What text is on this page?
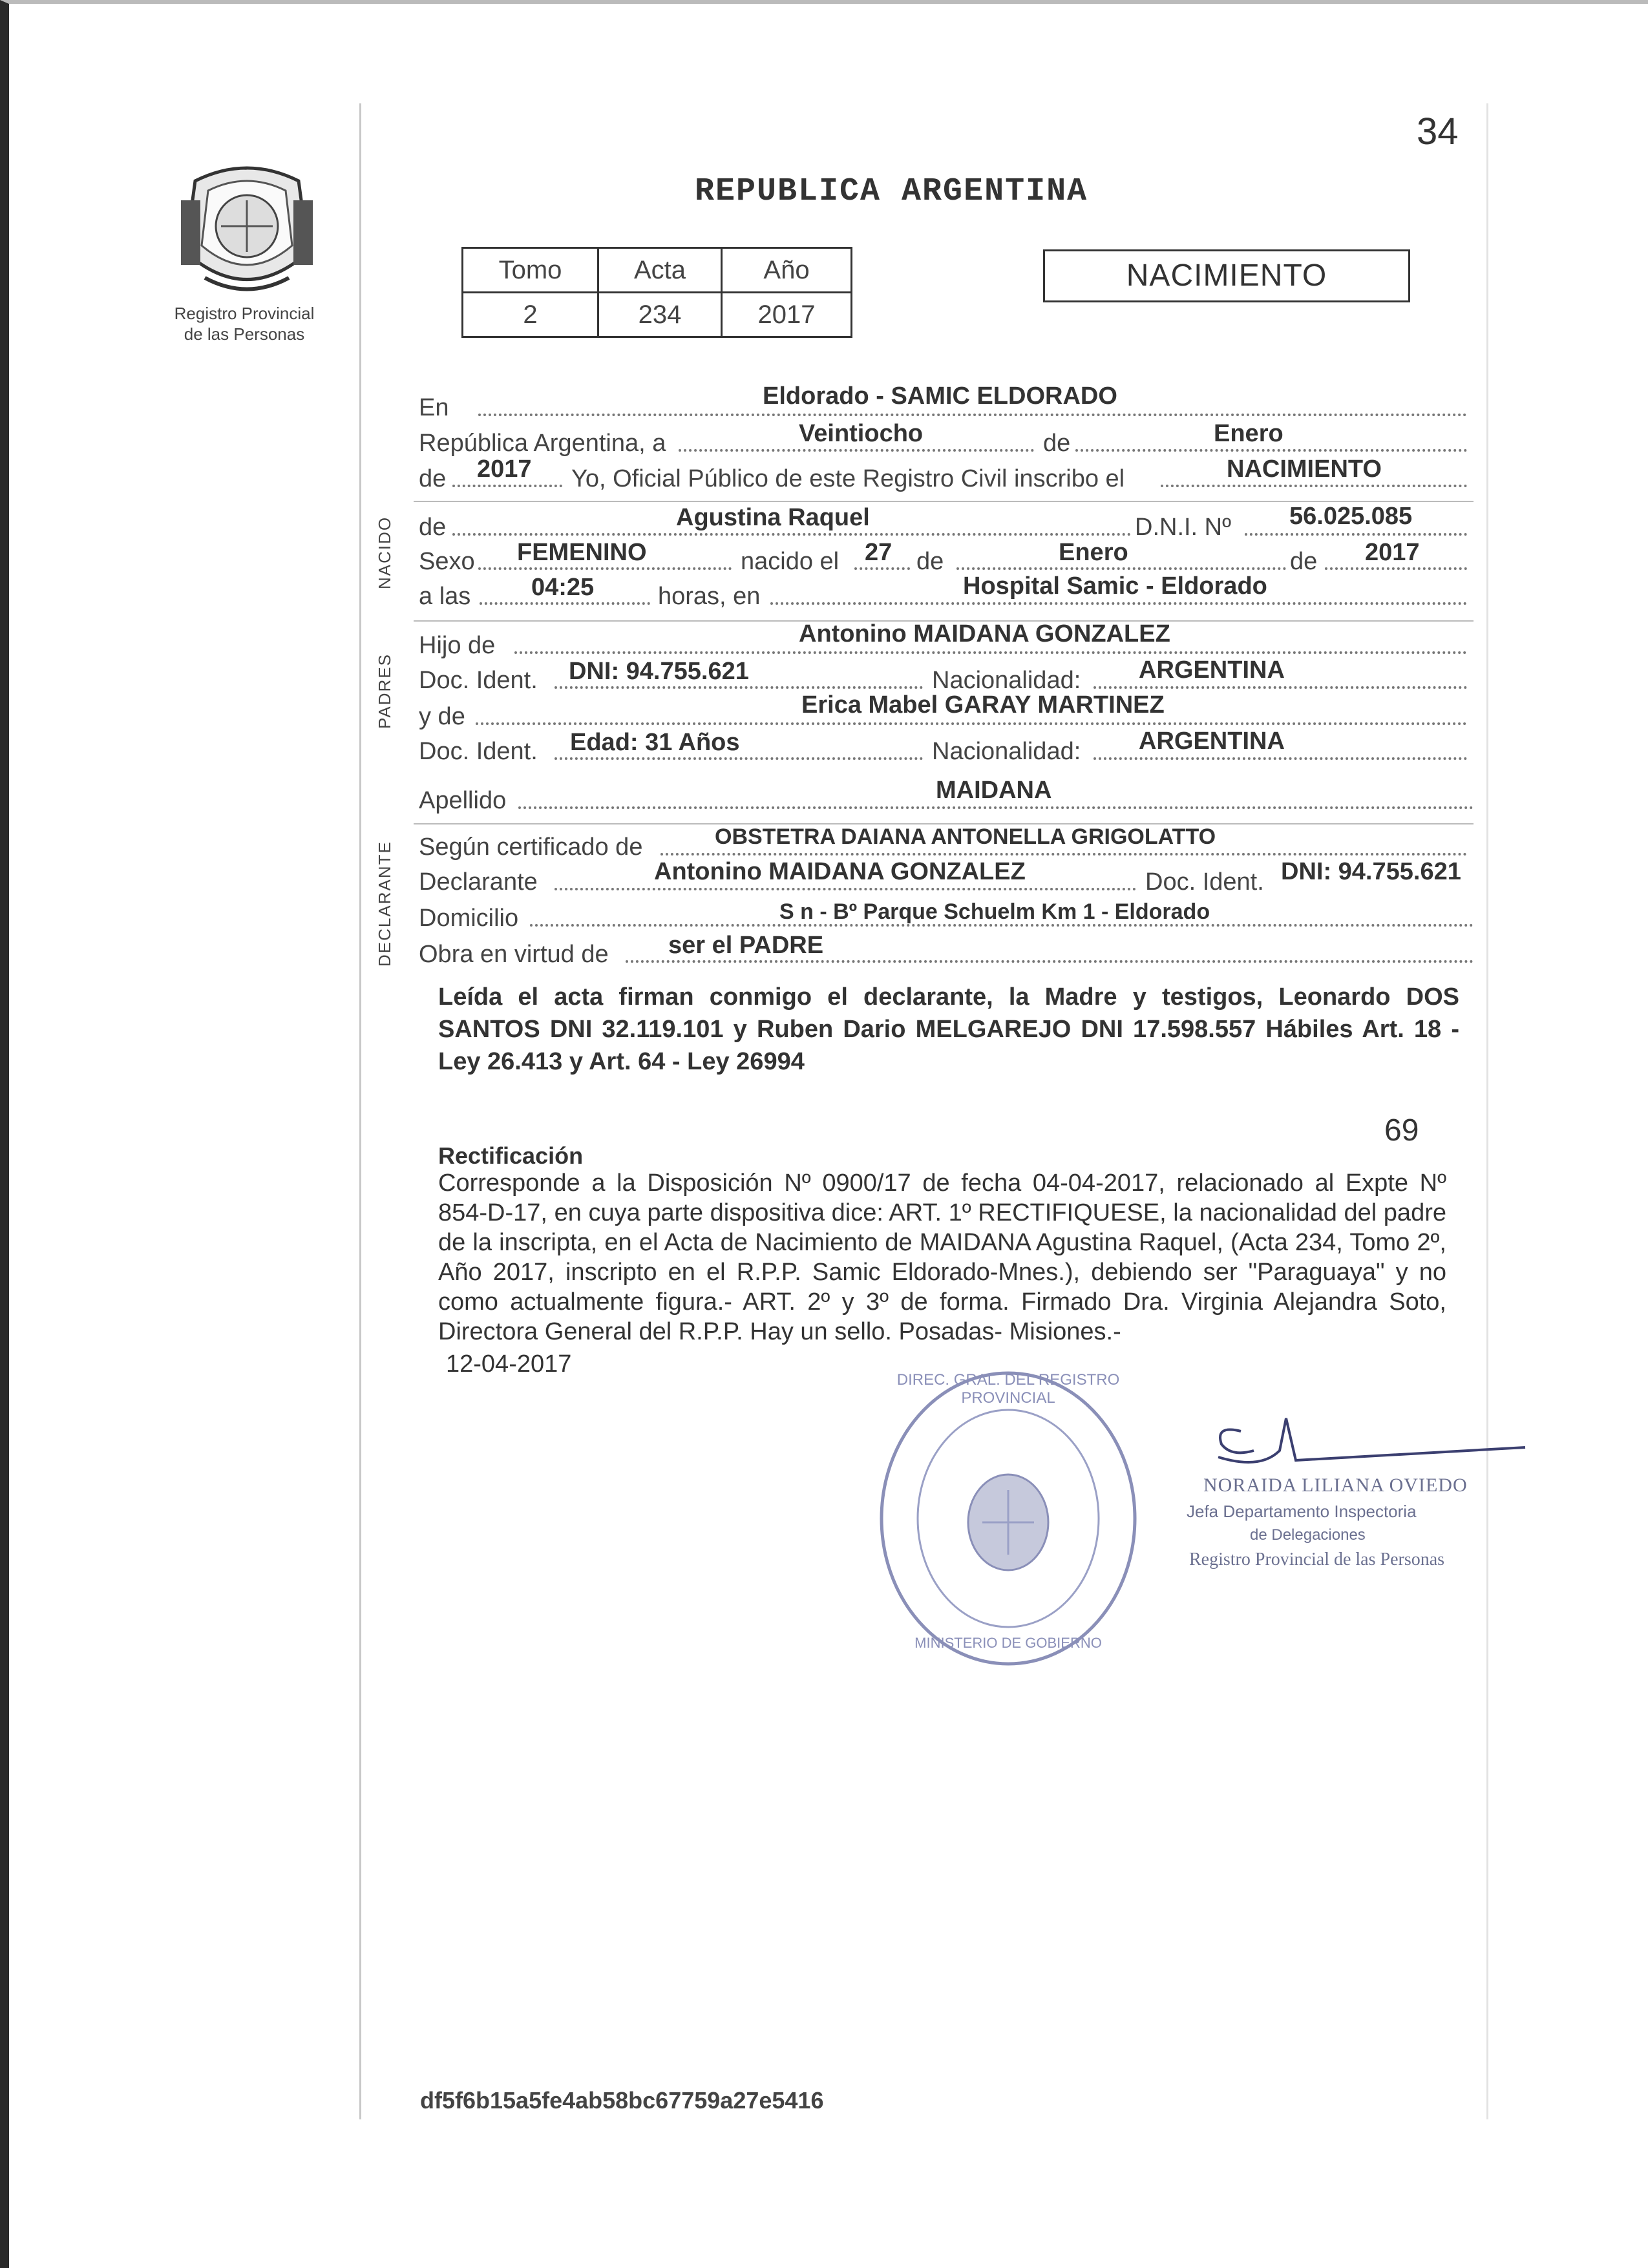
Registro Provincial
de las Personas
34
REPUBLICA ARGENTINA
Tomo	Acta	Año
2	234	2017
NACIMIENTO
En	Eldorado - SAMIC ELDORADO
República Argentina, a	Veintiocho	de	Enero
de 2017 Yo, Oficial Público de este Registro Civil inscribo el	NACIMIENTO
NACIDO de	Agustina Raquel	D.N.I. Nº 56.025.085
Sexo FEMENINO	nacido el 27 de	Enero	de 2017
a las 04:25	horas, en	Hospital Samic - Eldorado
PADRES
Hijo de	Antonino MAIDANA GONZALEZ
Doc. Ident. DNI: 94.755.621	Nacionalidad: ARGENTINA
y de	Erica Mabel GARAY MARTINEZ
Doc. Ident. Edad: 31 Años	Nacionalidad: ARGENTINA
Apellido	MAIDANA
DECLARANTE Según certificado de	OBSTETRA DAIANA ANTONELLA GRIGOLATTO
Declarante	Antonino MAIDANA GONZALEZ	Doc. Ident. DNI: 94.755.621
Domicilio	S n - Bº Parque Schuelm Km 1 - Eldorado
Obra en virtud de ser el PADRE
Leída el acta firman conmigo el declarante, la Madre y testigos, Leonardo DOS SANTOS DNI 32.119.101 y Ruben Dario MELGAREJO DNI 17.598.557 Hábiles Art. 18 - Ley 26.413 y Art. 64 - Ley 26994
69
Rectificación
Corresponde a la Disposición Nº 0900/17 de fecha 04-04-2017, relacionado al Expte Nº 854-D-17, en cuya parte dispositiva dice: ART. 1º RECTIFIQUESE, la nacionalidad del padre de la inscripta, en el Acta de Nacimiento de MAIDANA Agustina Raquel, (Acta 234, Tomo 2º, Año 2017, inscripto en el R.P.P. Samic Eldorado-Mnes.), debiendo ser "Paraguaya" y no como actualmente figura.- ART. 2º y 3º de forma. Firmado Dra. Virginia Alejandra Soto, Directora General del R.P.P. Hay un sello. Posadas- Misiones.-
12-04-2017
DIREC. GRAL. DEL REGISTRO PROVINCIAL
MINISTERIO DE GOBIERNO
NORAIDA LILIANA OVIEDO
Jefa Departamento Inspectoria
de Delegaciones
Registro Provincial de las Personas
df5f6b15a5fe4ab58bc67759a27e5416
